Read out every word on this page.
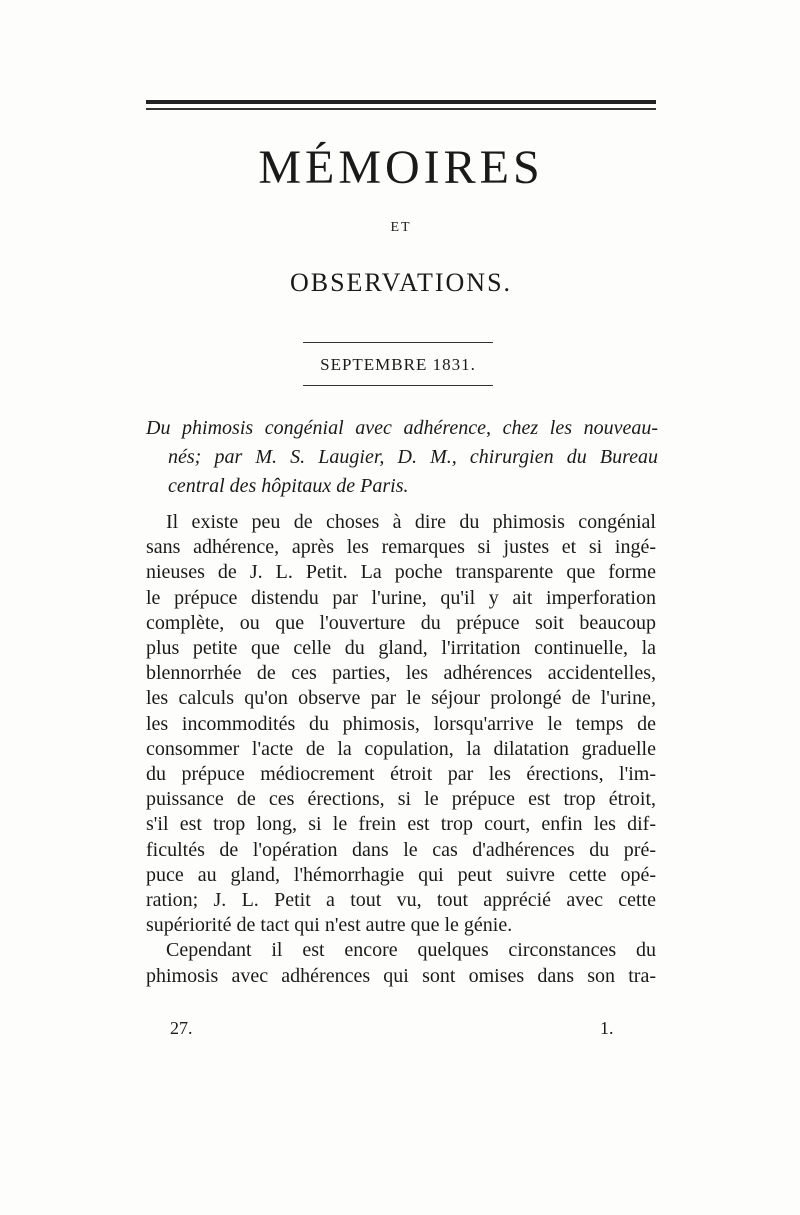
MÉMOIRES
ET
OBSERVATIONS.
SEPTEMBRE 1831.

Du phimosis congénial avec adhérence, chez les nouveau-
nés; par M. S. Laugier, D. M., chirurgien du Bureau
central des hôpitaux de Paris.

Il existe peu de choses à dire du phimosis congénial
sans adhérence, après les remarques si justes et si ingé-
nieuses de J. L. Petit. La poche transparente que forme
le prépuce distendu par l'urine, qu'il y ait imperforation
complète, ou que l'ouverture du prépuce soit beaucoup
plus petite que celle du gland, l'irritation continuelle, la
blennorrhée de ces parties, les adhérences accidentelles,
les calculs qu'on observe par le séjour prolongé de l'urine,
les incommodités du phimosis, lorsqu'arrive le temps de
consommer l'acte de la copulation, la dilatation graduelle
du prépuce médiocrement étroit par les érections, l'im-
puissance de ces érections, si le prépuce est trop étroit,
s'il est trop long, si le frein est trop court, enfin les dif-
ficultés de l'opération dans le cas d'adhérences du pré-
puce au gland, l'hémorrhagie qui peut suivre cette opé-
ration; J. L. Petit a tout vu, tout apprécié avec cette
supériorité de tact qui n'est autre que le génie.
Cependant il est encore quelques circonstances du
phimosis avec adhérences qui sont omises dans son tra-

27.	1.
